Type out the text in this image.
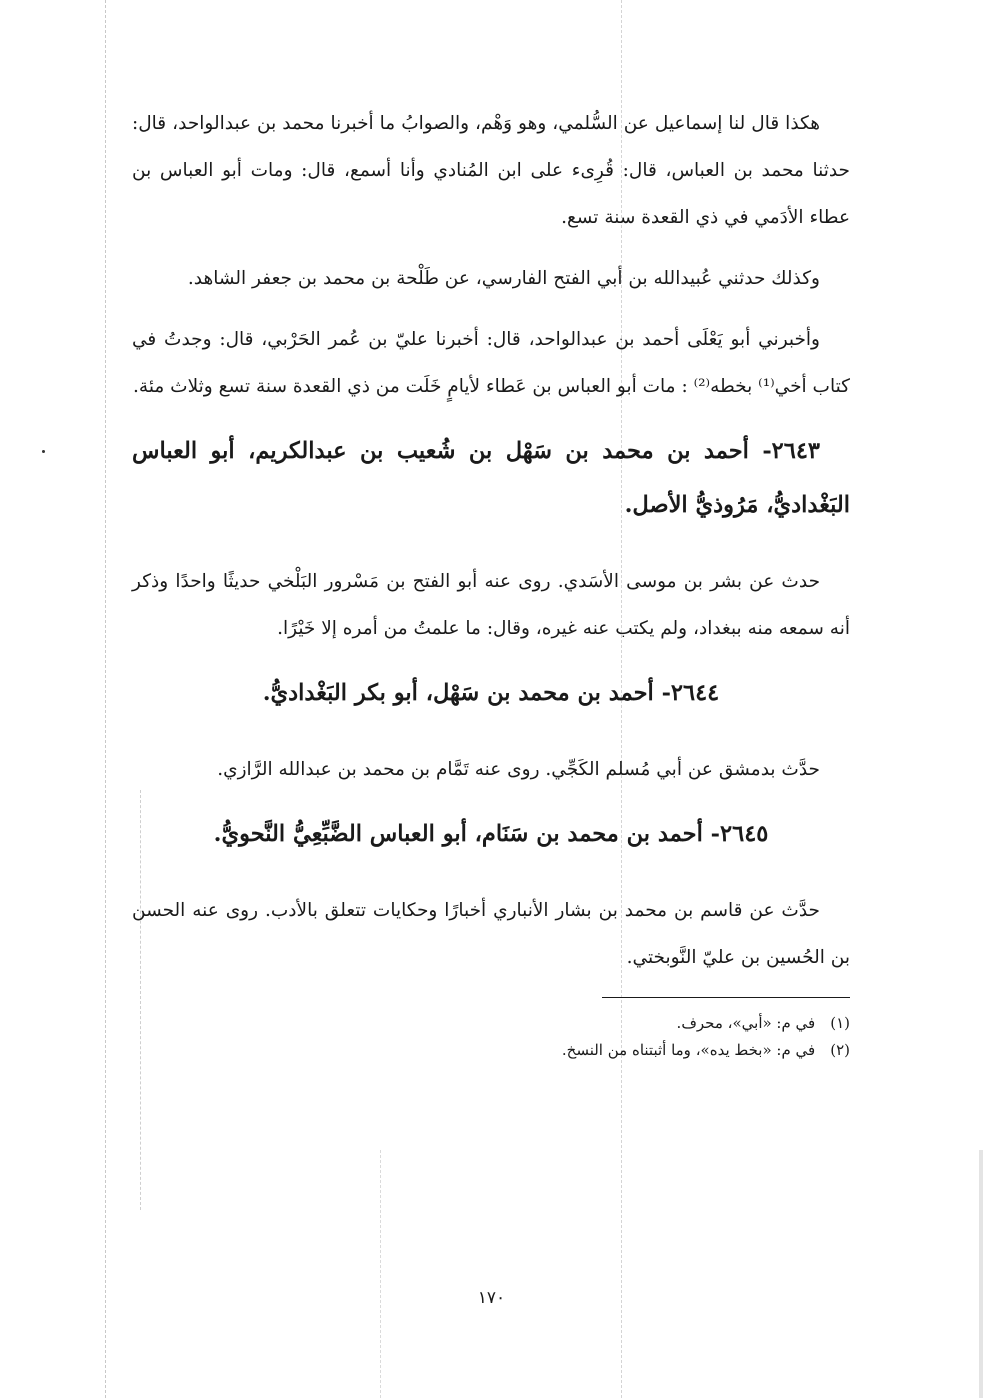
هكذا قال لنا إسماعيل عن السُّلمي، وهو وَهْم، والصوابُ ما أخبرنا محمد بن عبدالواحد، قال: حدثنا محمد بن العباس، قال: قُرِىء على ابن المُنادي وأنا أسمع، قال: ومات أبو العباس بن عطاء الأدَمي في ذي القعدة سنة تسع.

وكذلك حدثني عُبيدالله بن أبي الفتح الفارسي، عن طَلْحة بن محمد بن جعفر الشاهد.

وأخبرني أبو يَعْلَى أحمد بن عبدالواحد، قال: أخبرنا عليّ بن عُمر الحَرْبي، قال: وجدتُ في كتاب أخي⁽¹⁾ بخطه⁽²⁾ : مات أبو العباس بن عَطاء لأيامٍ خَلَت من ذي القعدة سنة تسع وثلاث مئة.

٢٦٤٣- أحمد بن محمد بن سَهْل بن شُعيب بن عبدالكريم، أبو العباس البَغْداديُّ، مَرُوذيُّ الأصل.

حدث عن بشر بن موسى الأسَدي. روى عنه أبو الفتح بن مَسْرور البَلْخي حديثًا واحدًا وذكر أنه سمعه منه ببغداد، ولم يكتب عنه غيره، وقال: ما علمتُ من أمره إلا خَيْرًا.

٢٦٤٤- أحمد بن محمد بن سَهْل، أبو بكر البَغْداديُّ.

حدَّث بدمشق عن أبي مُسلم الكَجِّي. روى عنه تَمَّام بن محمد بن عبدالله الرَّازي.

٢٦٤٥- أحمد بن محمد بن سَنَام، أبو العباس الضَّبِّعِيُّ النَّحويُّ.

حدَّث عن قاسم بن محمد بن بشار الأنباري أخبارًا وحكايات تتعلق بالأدب. روى عنه الحسن بن الحُسين بن عليّ النَّوبختي.

(١) في م: «أبي»، محرف.

(٢) في م: «بخط يده»، وما أثبتناه من النسخ.

١٧٠
